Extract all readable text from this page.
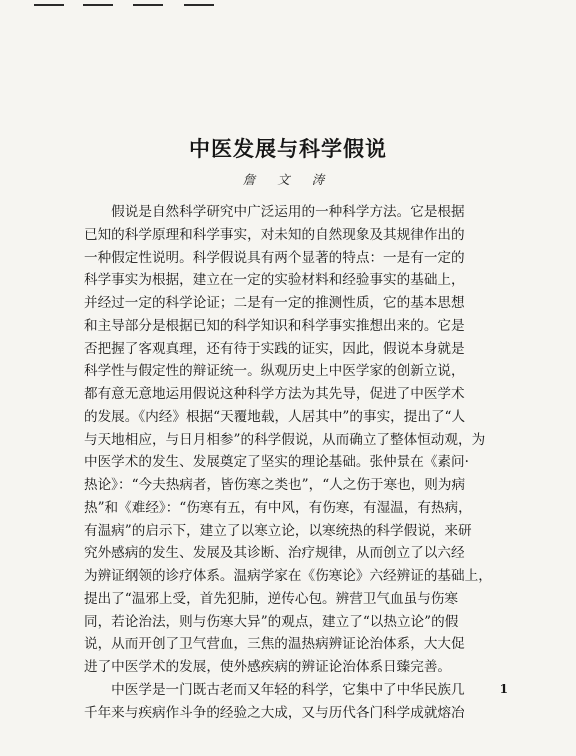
中医发展与科学假说
詹 文 涛
　　假说是自然科学研究中广泛运用的一种科学方法。它是根据
已知的科学原理和科学事实，对未知的自然现象及其规律作出的
一种假定性说明。科学假说具有两个显著的特点：一是有一定的
科学事实为根据，建立在一定的实验材料和经验事实的基础上，
并经过一定的科学论证；二是有一定的推测性质，它的基本思想
和主导部分是根据已知的科学知识和科学事实推想出来的。它是
否把握了客观真理，还有待于实践的证实，因此，假说本身就是
科学性与假定性的辩证统一。纵观历史上中医学家的创新立说，
都有意无意地运用假说这种科学方法为其先导，促进了中医学术
的发展。《内经》根据“天覆地载，人居其中”的事实，提出了“人
与天地相应，与日月相参”的科学假说，从而确立了整体恒动观，为
中医学术的发生、发展奠定了坚实的理论基础。张仲景在《素问·
热论》：“今夫热病者，皆伤寒之类也”，“人之伤于寒也，则为病
热”和《难经》：“伤寒有五，有中风，有伤寒，有湿温，有热病，
有温病”的启示下，建立了以寒立论，以寒统热的科学假说，来研
究外感病的发生、发展及其诊断、治疗规律，从而创立了以六经
为辨证纲领的诊疗体系。温病学家在《伤寒论》六经辨证的基础上，
提出了“温邪上受，首先犯肺，逆传心包。辨营卫气血虽与伤寒
同，若论治法，则与伤寒大异”的观点，建立了“以热立论”的假
说，从而开创了卫气营血，三焦的温热病辨证论治体系，大大促
进了中医学术的发展，使外感疾病的辨证论治体系日臻完善。
　　中医学是一门既古老而又年轻的科学，它集中了中华民族几
千年来与疾病作斗争的经验之大成，又与历代各门科学成就熔冶
1
